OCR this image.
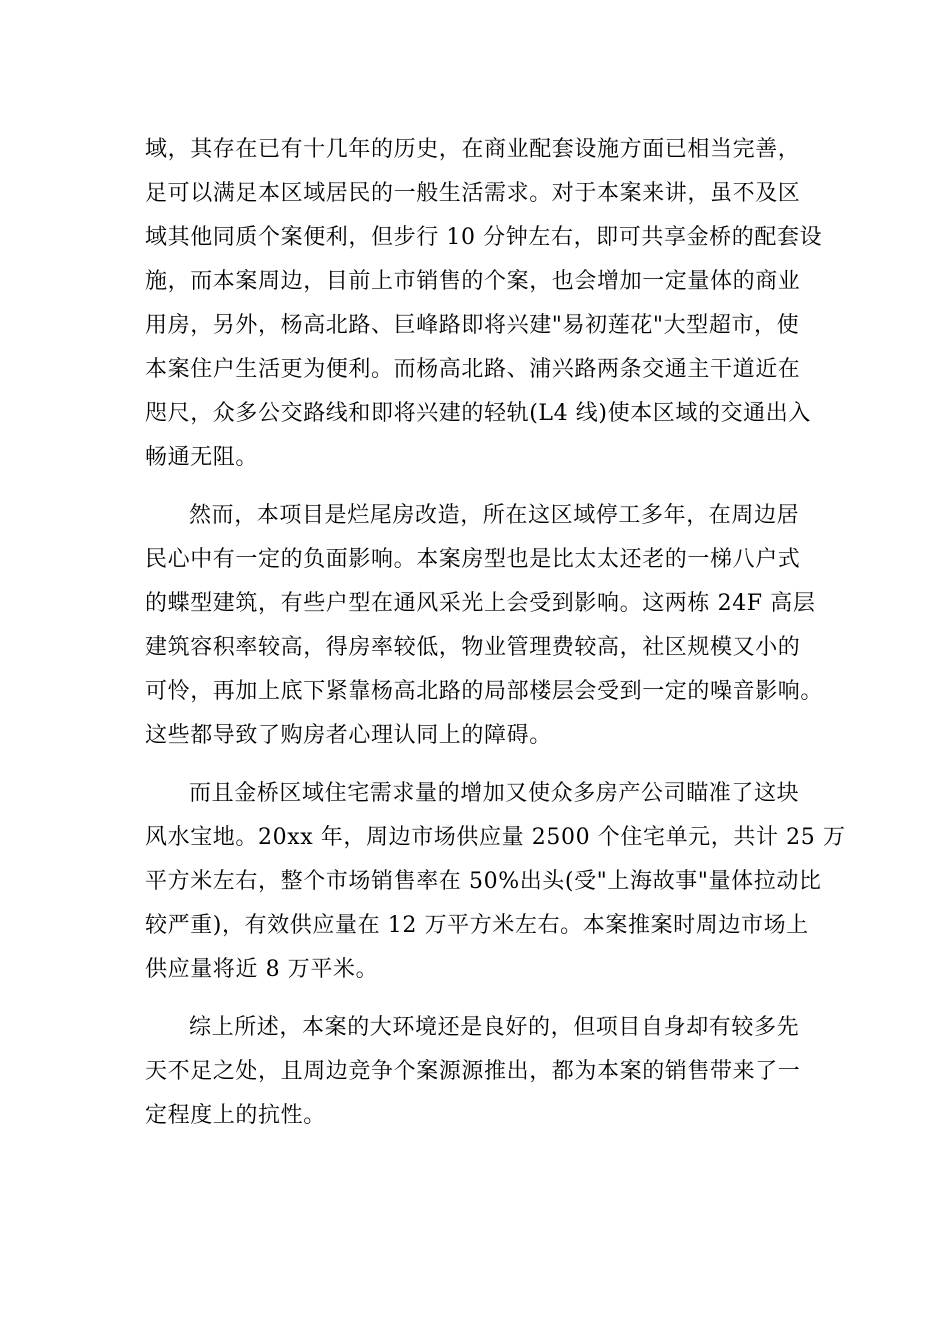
域，其存在已有十几年的历史，在商业配套设施方面已相当完善，
足可以满足本区域居民的一般生活需求。对于本案来讲，虽不及区
域其他同质个案便利，但步行 10 分钟左右，即可共享金桥的配套设
施，而本案周边，目前上市销售的个案，也会增加一定量体的商业
用房，另外，杨高北路、巨峰路即将兴建"易初莲花"大型超市，使
本案住户生活更为便利。而杨高北路、浦兴路两条交通主干道近在
咫尺，众多公交路线和即将兴建的轻轨(L4 线)使本区域的交通出入
畅通无阻。
然而，本项目是烂尾房改造，所在这区域停工多年，在周边居
民心中有一定的负面影响。本案房型也是比太太还老的一梯八户式
的蝶型建筑，有些户型在通风采光上会受到影响。这两栋 24F 高层
建筑容积率较高，得房率较低，物业管理费较高，社区规模又小的
可怜，再加上底下紧靠杨高北路的局部楼层会受到一定的噪音影响。
这些都导致了购房者心理认同上的障碍。
而且金桥区域住宅需求量的增加又使众多房产公司瞄准了这块
风水宝地。20xx 年，周边市场供应量 2500 个住宅单元，共计 25 万
平方米左右，整个市场销售率在 50%出头(受"上海故事"量体拉动比
较严重)，有效供应量在 12 万平方米左右。本案推案时周边市场上
供应量将近 8 万平米。
综上所述，本案的大环境还是良好的，但项目自身却有较多先
天不足之处，且周边竞争个案源源推出，都为本案的销售带来了一
定程度上的抗性。
